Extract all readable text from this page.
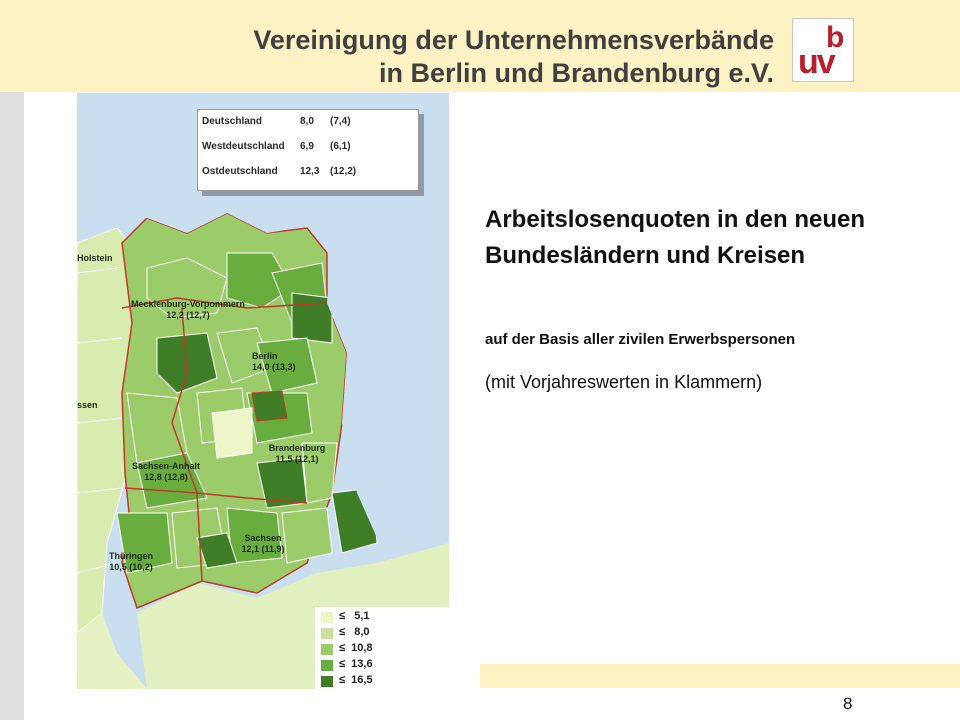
Vereinigung der Unternehmensverbände
in Berlin und Brandenburg e.V. uv
b
Deutschland	8,0 (7,4)
Westdeutschland 6,9 (6,1)
Ostdeutschland 12,3 (12,2)
Holstein
ssen
Mecklenburg-Vorpommern
12,2 (12,7)
Berlin
14,0 (13,3)
Brandenburg
11,5 (12,1)
Sachsen-Anhalt
12,8 (12,8)
Sachsen
12,1 (11,9)
Thüringen
10,5 (10,2)
≤   5,1
≤   8,0
≤  10,8
≤  13,6
≤  16,5
Arbeitslosenquoten in den neuen Bundesländern und Kreisen
auf der Basis aller zivilen Erwerbspersonen
(mit Vorjahreswerten in Klammern)
8
